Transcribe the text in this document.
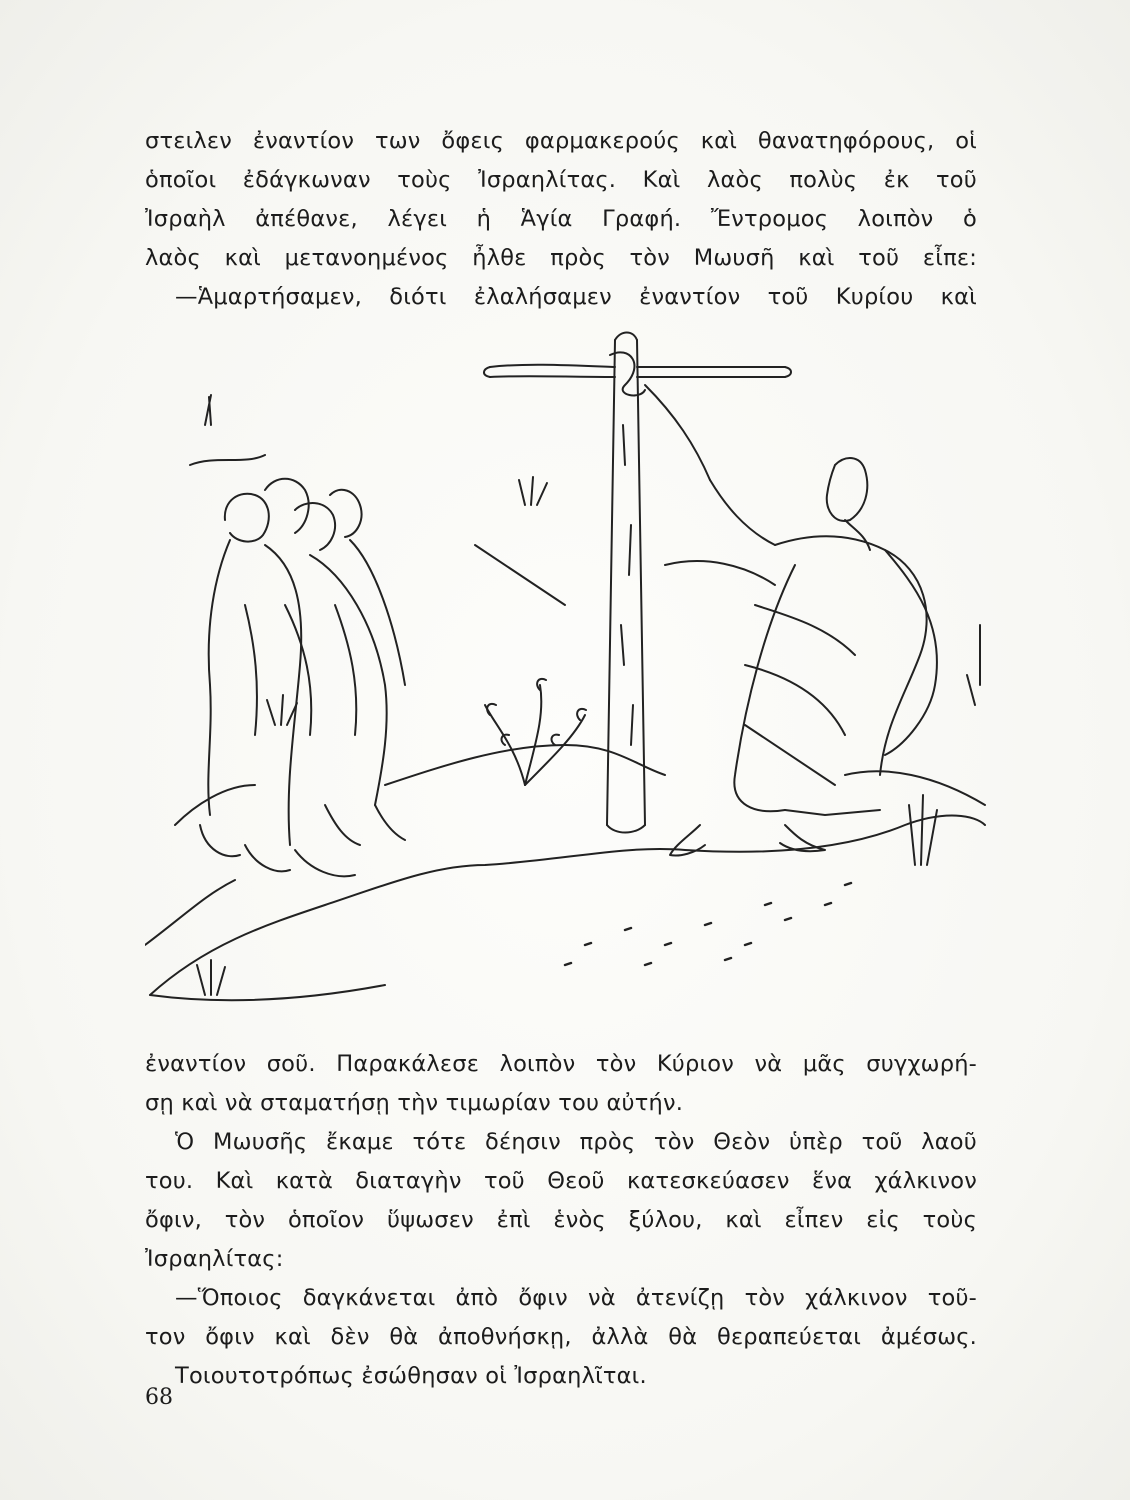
στειλεν ἐναντίον των ὄφεις φαρμακερούς καὶ θανατηφόρους, οἱ
ὁποῖοι ἐδάγκωναν τοὺς Ἰσραηλίτας. Καὶ λαὸς πολὺς ἐκ τοῦ
Ἰσραὴλ ἀπέθανε, λέγει ἡ Ἁγία Γραφή. Ἔντρομος λοιπὸν ὁ
λαὸς καὶ μετανοημένος ἦλθε πρὸς τὸν Μωυσῆ καὶ τοῦ εἶπε:
—Ἁμαρτήσαμεν, διότι ἐλαλήσαμεν ἐναντίον τοῦ Κυρίου καὶ
ἐναντίον σοῦ. Παρακάλεσε λοιπὸν τὸν Κύριον νὰ μᾶς συγχωρή-
σῃ καὶ νὰ σταματήσῃ τὴν τιμωρίαν του αὐτήν.
Ὁ Μωυσῆς ἔκαμε τότε δέησιν πρὸς τὸν Θεὸν ὑπὲρ τοῦ λαοῦ
του. Καὶ κατὰ διαταγὴν τοῦ Θεοῦ κατεσκεύασεν ἕνα χάλκινον
ὄφιν, τὸν ὁποῖον ὕψωσεν ἐπὶ ἑνὸς ξύλου, καὶ εἶπεν εἰς τοὺς
Ἰσραηλίτας:
—Ὅποιος δαγκάνεται ἀπὸ ὄφιν νὰ ἀτενίζῃ τὸν χάλκινον τοῦ-
τον ὄφιν καὶ δὲν θὰ ἀποθνήσκῃ, ἀλλὰ θὰ θεραπεύεται ἀμέσως.
Τοιουτοτρόπως ἐσώθησαν οἱ Ἰσραηλῖται.
68
